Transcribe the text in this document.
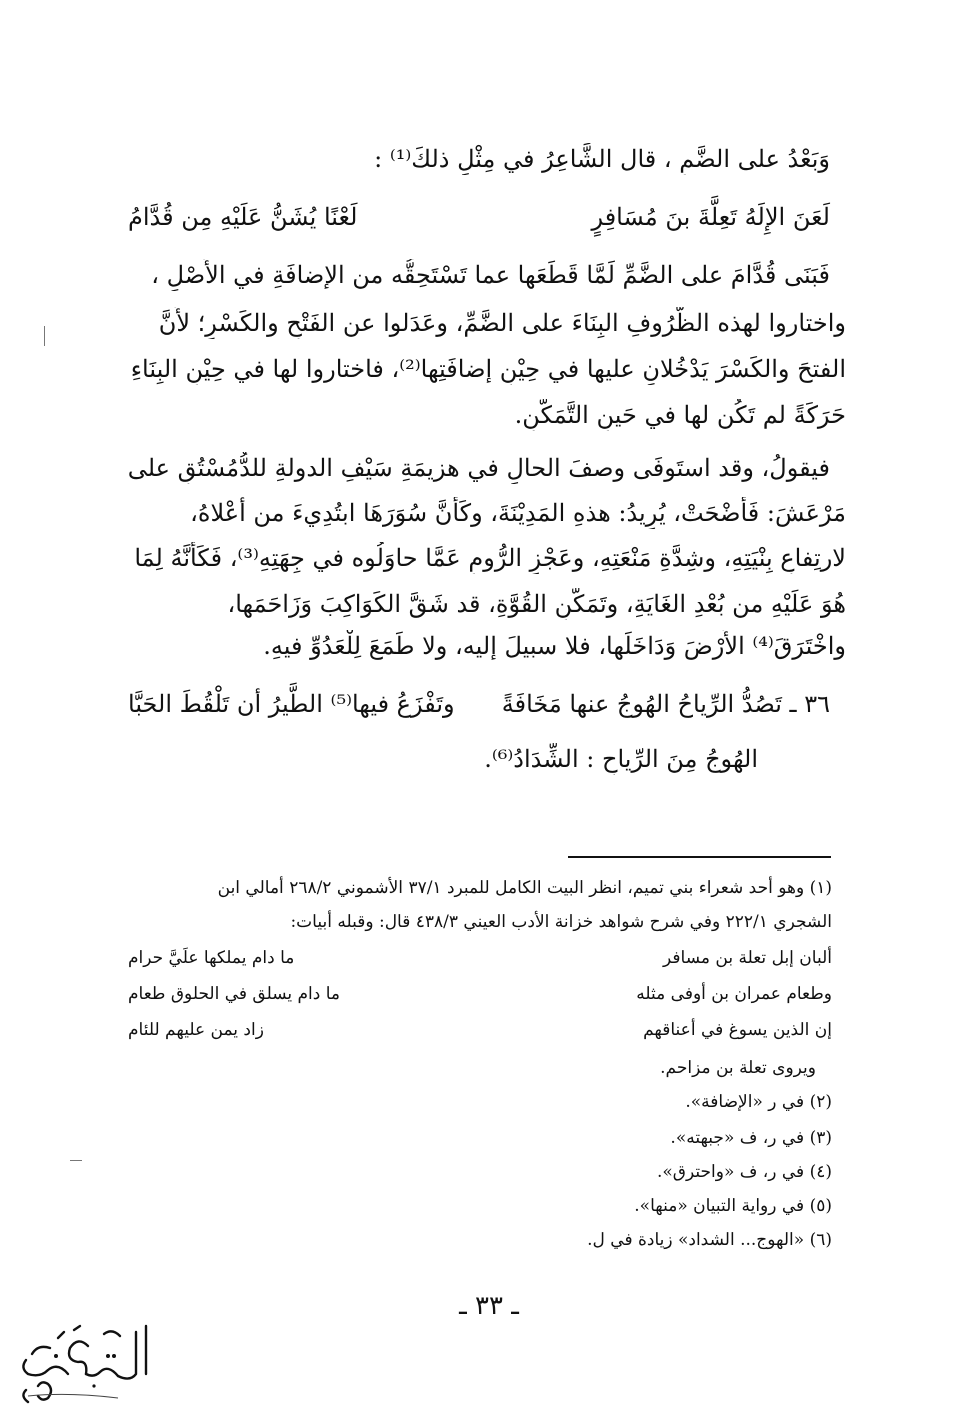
وَبَعْدُ على الضَّمِ ، قال الشَّاعِرُ في مِثْلِ ذلكَ⁽¹⁾ :
لَعَنَ الإِلَهُ تَعِلَّةَ بنَ مُسَافِرٍ
لَعْنًا يُشَنُّ عَلَيْهِ مِن قُدَّامُ
فَبَنَى قُدَّامَ على الضَّمِّ لَمَّا قَطَعَها عما تَسْتَحِقُّه من الإضافَةِ في الأَصْلِ ،
واختاروا لهذه الظُّرُوفِ البِنَاءَ على الضَّمِّ، وعَدَلوا عن الفَتْحِ والكَسْرِ؛ لأَنَّ
الفتحَ والكَسْرَ يَدْخُلانِ عليها في حِيْنِ إضافَتِها⁽²⁾، فاختاروا لها في حِيْنِ البِنَاءِ
حَرَكَةً لم تَكُن لها في حَينِ التَّمَكُّنِ.
فيقولُ، وقد استَوفَى وصفَ الحالِ في هزيمَةِ سَيْفِ الدولةِ للدُّمُسْتُقِ على
مَرْعَشَ: فَأَضْحَتْ، يُرِيدُ: هذهِ المَدِيْنَةَ، وكَأَنَّ سُوَرَهَا ابتُدِيءَ من أَعْلاهُ،
لارتِفاعِ بِنْيَتِهِ، وشِدَّةِ مَنْعَتِهِ، وعَجْزِ الرُّومِ عَمَّا حاوَلُوه في جِهَتِهِ⁽³⁾، فَكَأَنَّهُ لِمَا
هُوَ عَلَيْهِ من بُعْدِ الغَايَةِ، وتَمَكُّنِ القُوَّةِ، قد شَقَّ الكَوَاكِبَ وَزَاحَمَها،
واخْتَرَقَ⁽⁴⁾ الأَرْضَ وَدَاخَلَها، فلا سبيلَ إليه، ولا طَمَعَ لِلْعَدُوِّ فيهِ.
٣٦ ـ تَصُدُّ الرِّياحُ الهُوجُ عنها مَخَافَةً
وتَفْزَعُ فيها⁽⁵⁾ الطَّيرُ أن تَلْقُطَ الحَبَّا
الهُوجُ مِنَ الرِّياحِ : الشِّدَادُ⁽⁶⁾.
(١) وهو أحد شعراء بني تميم، انظر البيت الكامل للمبرد ٣٧/١ الأشموني ٢٦٨/٢ أمالي ابن
الشجري ٢٢٢/١ وفي شرح شواهد خزانة الأدب العيني ٤٣٨/٣ قال: وقبله أبيات:
ألبان إبل تعلة بن مسافر
ما دام يملكها علَيَّ حرام
وطعام عمران بن أوفى مثله
ما دام يسلق في الحلوق طعام
إن الذين يسوغ في أعناقهم
زاد يمن عليهم للئام
ويروى تعلة بن مزاحم.
(٢) في ر «الإضافة».
(٣) في ر، ف «جبهته».
(٤) في ر، ف «واحترق».
(٥) في رواية التبيان «منها».
(٦) «الهوج... الشداد» زيادة في ل.
ـ ٣٣ ـ
